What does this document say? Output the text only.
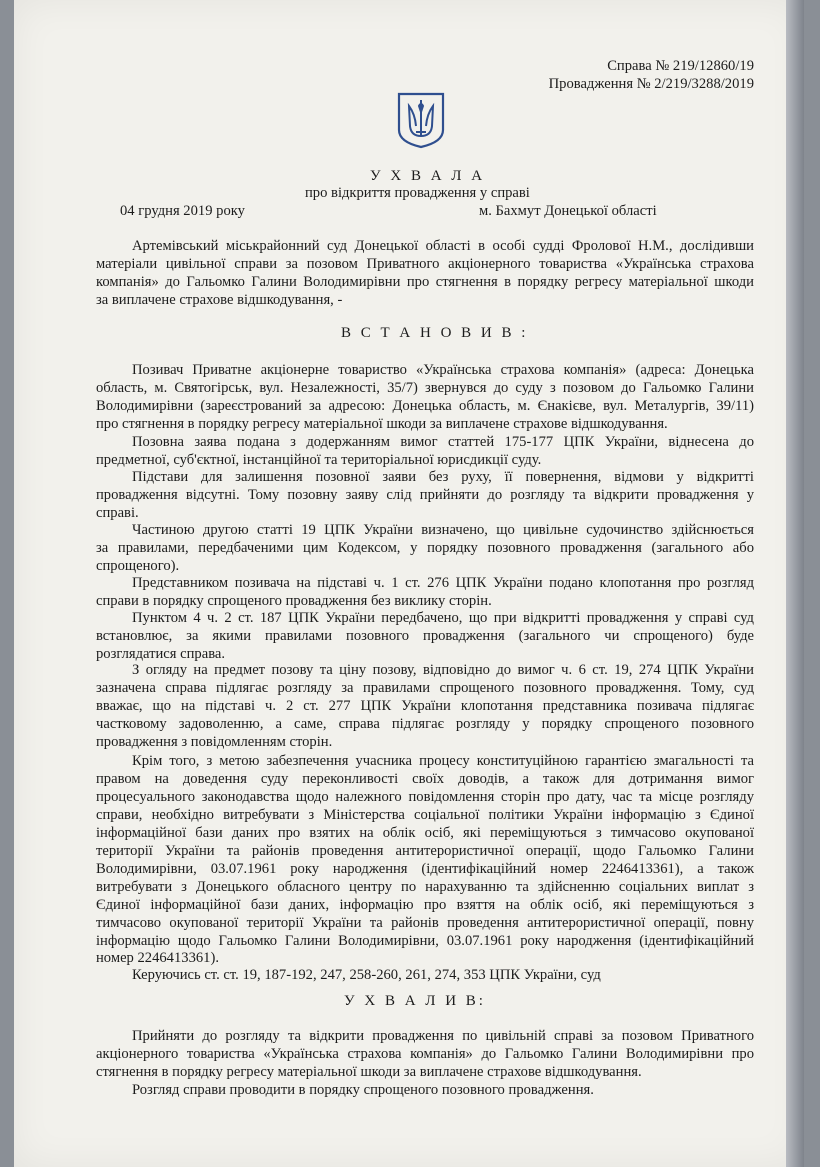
Справа № 219/12860/19
Провадження № 2/219/3288/2019
У Х В А Л А
про відкриття провадження у справі
04 грудня 2019 року	м. Бахмут Донецької області
Артемівський міськрайонний суд Донецької області в особі судді Фролової Н.М., дослідивши
матеріали цивільної справи за позовом Приватного акціонерного товариства «Українська страхова
компанія» до Гальомко Галини Володимирівни про стягнення в порядку регресу матеріальної шкоди
за виплачене страхове відшкодування, -
В С Т А Н О В И В :
Позивач Приватне акціонерне товариство «Українська страхова компанія» (адреса: Донецька
область, м. Святогірськ, вул. Незалежності, 35/7) звернувся до суду з позовом до Гальомко Галини
Володимирівни (зареєстрований за адресою: Донецька область, м. Єнакієве, вул. Металургів, 39/11)
про стягнення в порядку регресу матеріальної шкоди за виплачене страхове відшкодування.
Позовна заява подана з додержанням вимог статтей 175-177 ЦПК України, віднесена до
предметної, суб'єктної, інстанційної та територіальної юрисдикції суду.
Підстави для залишення позовної заяви без руху, її повернення, відмови у відкритті
провадження відсутні. Тому позовну заяву слід прийняти до розгляду та відкрити провадження у
справі.
Частиною другою статті 19 ЦПК України визначено, що цивільне судочинство здійснюється
за правилами, передбаченими цим Кодексом, у порядку позовного провадження (загального або
спрощеного).
Представником позивача на підставі ч. 1 ст. 276 ЦПК України подано клопотання про розгляд
справи в порядку спрощеного провадження без виклику сторін.
Пунктом 4 ч. 2 ст. 187 ЦПК України передбачено, що при відкритті провадження у справі суд
встановлює, за якими правилами позовного провадження (загального чи спрощеного) буде
розглядатися справа.
З огляду на предмет позову та ціну позову, відповідно до вимог ч. 6 ст. 19, 274 ЦПК України
зазначена справа підлягає розгляду за правилами спрощеного позовного провадження. Тому, суд
вважає, що на підставі ч. 2 ст. 277 ЦПК України клопотання представника позивача підлягає
частковому задоволенню, а саме, справа підлягає розгляду у порядку спрощеного позовного
провадження з повідомленням сторін.
Крім того, з метою забезпечення учасника процесу конституційною гарантією змагальності та
правом на доведення суду переконливості своїх доводів, а також для дотримання вимог
процесуального законодавства щодо належного повідомлення сторін про дату, час та місце розгляду
справи, необхідно витребувати з Міністерства соціальної політики України інформацію з Єдиної
інформаційної бази даних про взятих на облік осіб, які переміщуються з тимчасово окупованої
території України та районів проведення антитерористичної операції, щодо Гальомко Галини
Володимирівни, 03.07.1961 року народження (ідентифікаційний номер 2246413361), а також
витребувати з Донецького обласного центру по нарахуванню та здійсненню соціальних виплат з
Єдиної інформаційної бази даних, інформацію про взяття на облік осіб, які переміщуються з
тимчасово окупованої території України та районів проведення антитерористичної операції, повну
інформацію щодо Гальомко Галини Володимирівни, 03.07.1961 року народження (ідентифікаційний
номер 2246413361).
Керуючись ст. ст. 19, 187-192, 247, 258-260, 261, 274, 353 ЦПК України, суд
У Х В А Л И В:
Прийняти до розгляду та відкрити провадження по цивільній справі за позовом Приватного
акціонерного товариства «Українська страхова компанія» до Гальомко Галини Володимирівни про
стягнення в порядку регресу матеріальної шкоди за виплачене страхове відшкодування.
Розгляд справи проводити в порядку спрощеного позовного провадження.
